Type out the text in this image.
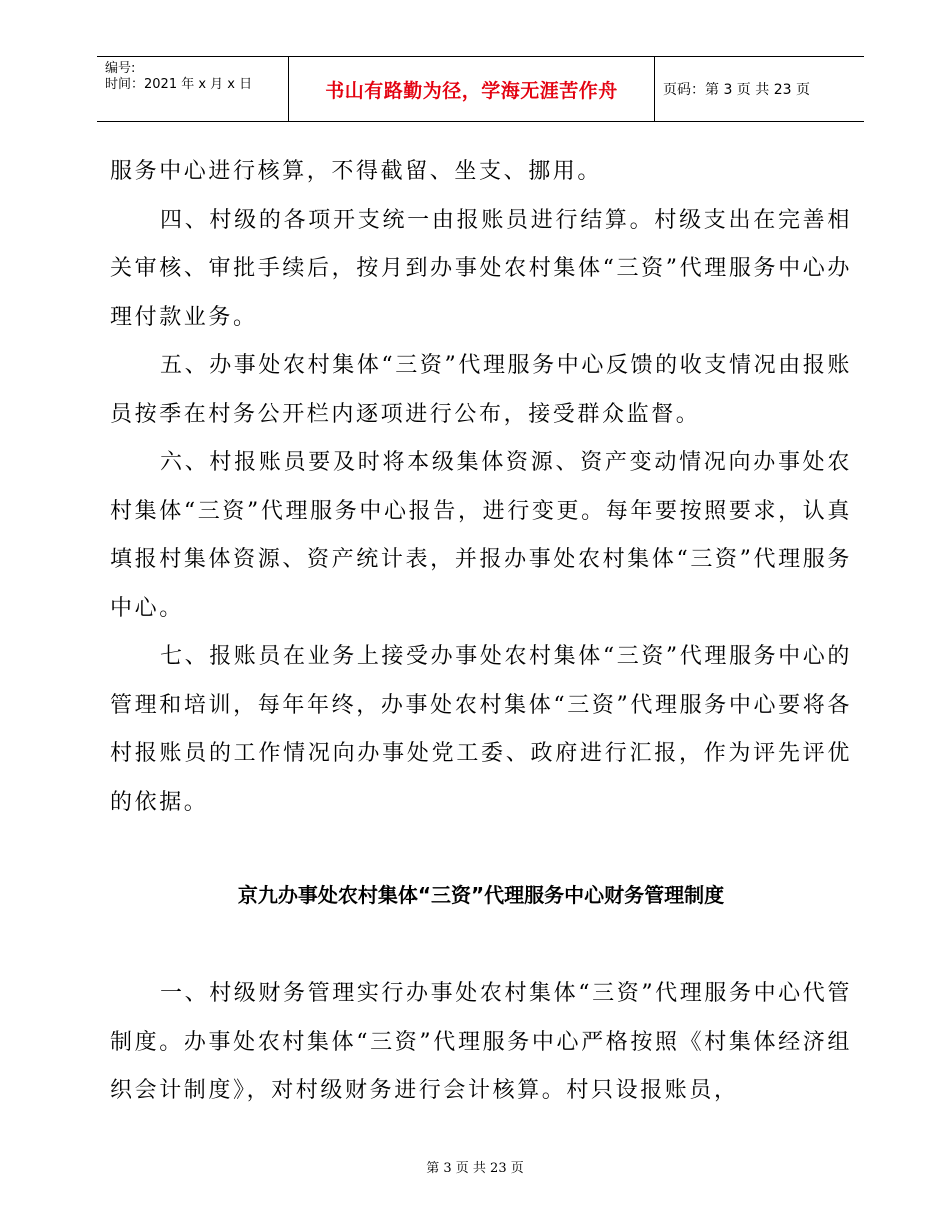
编号:
时间：2021 年 x 月 x 日	书山有路勤为径，学海无涯苦作舟	页码：第 3 页 共 23 页

服务中心进行核算，不得截留、坐支、挪用。

四、村级的各项开支统一由报账员进行结算。村级支出在完善相关审核、审批手续后，按月到办事处农村集体“三资”代理服务中心办理付款业务。

五、办事处农村集体“三资”代理服务中心反馈的收支情况由报账员按季在村务公开栏内逐项进行公布，接受群众监督。

六、村报账员要及时将本级集体资源、资产变动情况向办事处农村集体“三资”代理服务中心报告，进行变更。每年要按照要求，认真填报村集体资源、资产统计表，并报办事处农村集体“三资”代理服务中心。

七、报账员在业务上接受办事处农村集体“三资”代理服务中心的管理和培训，每年年终，办事处农村集体“三资”代理服务中心要将各村报账员的工作情况向办事处党工委、政府进行汇报，作为评先评优的依据。

京九办事处农村集体“三资”代理服务中心财务管理制度

一、村级财务管理实行办事处农村集体“三资”代理服务中心代管制度。办事处农村集体“三资”代理服务中心严格按照《村集体经济组织会计制度》，对村级财务进行会计核算。村只设报账员，

第 3 页 共 23 页
